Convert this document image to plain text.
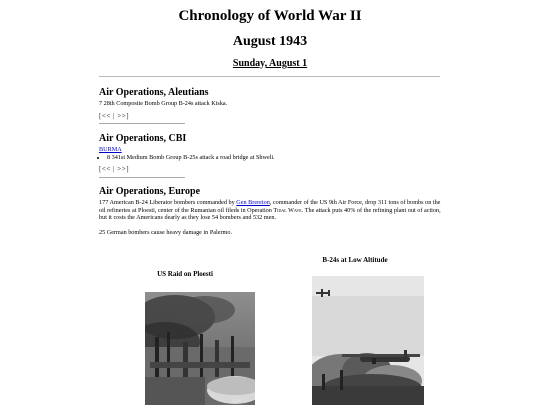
Chronology of World War II
August 1943
Sunday, August 1
Air Operations, Aleutians

7 28th Composite Bomb Group B-24s attack Kiska.

[<< | >>]
Air Operations, CBI
BURMA
• 8 341st Medium Bomb Group B-25s attack a road bridge at Shweli.
[<< | >>]
Air Operations, Europe

177 American B-24 Liberator bombers commanded by Gen Brereton, commander of the US 9th Air Force, drop 311 tons of bombs on the oil refineries at Ploesti, center of the Rumanian oil fileds in Operation Tidal Wave. The attack puts 40% of the refining plant out of action, but it costs the Americans dearly as they lose 54 bombers and 532 men.

25 German bombers cause heavy damage in Palermo.

US Raid on Ploesti
B-24s at Low Altitude
11 33
